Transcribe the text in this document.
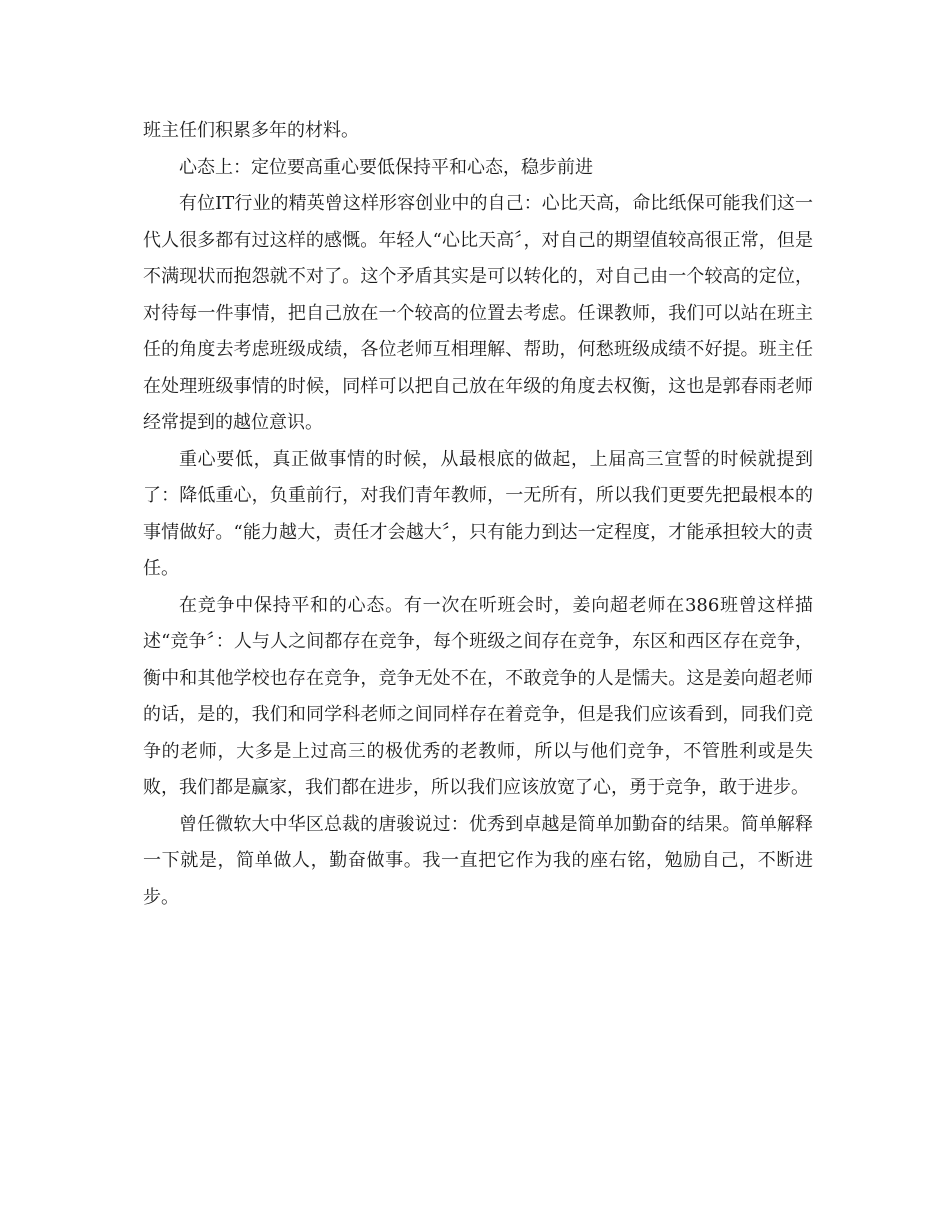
班主任们积累多年的材料。

心态上：定位要高重心要低保持平和心态，稳步前进

有位IT行业的精英曾这样形容创业中的自己：心比天高，命比纸保可能我们这一代人很多都有过这样的感慨。年轻人“心比天高〞，对自己的期望值较高很正常，但是不满现状而抱怨就不对了。这个矛盾其实是可以转化的，对自己由一个较高的定位，对待每一件事情，把自己放在一个较高的位置去考虑。任课教师，我们可以站在班主任的角度去考虑班级成绩，各位老师互相理解、帮助，何愁班级成绩不好提。班主任在处理班级事情的时候，同样可以把自己放在年级的角度去权衡，这也是郭春雨老师经常提到的越位意识。

重心要低，真正做事情的时候，从最根底的做起，上届高三宣誓的时候就提到了：降低重心，负重前行，对我们青年教师，一无所有，所以我们更要先把最根本的事情做好。“能力越大，责任才会越大〞，只有能力到达一定程度，才能承担较大的责任。

在竞争中保持平和的心态。有一次在听班会时，姜向超老师在386班曾这样描述“竞争〞：人与人之间都存在竞争，每个班级之间存在竞争，东区和西区存在竞争，衡中和其他学校也存在竞争，竞争无处不在，不敢竞争的人是懦夫。这是姜向超老师的话，是的，我们和同学科老师之间同样存在着竞争，但是我们应该看到，同我们竞争的老师，大多是上过高三的极优秀的老教师，所以与他们竞争，不管胜利或是失败，我们都是赢家，我们都在进步，所以我们应该放宽了心，勇于竞争，敢于进步。

曾任微软大中华区总裁的唐骏说过：优秀到卓越是简单加勤奋的结果。简单解释一下就是，简单做人，勤奋做事。我一直把它作为我的座右铭，勉励自己，不断进步。
